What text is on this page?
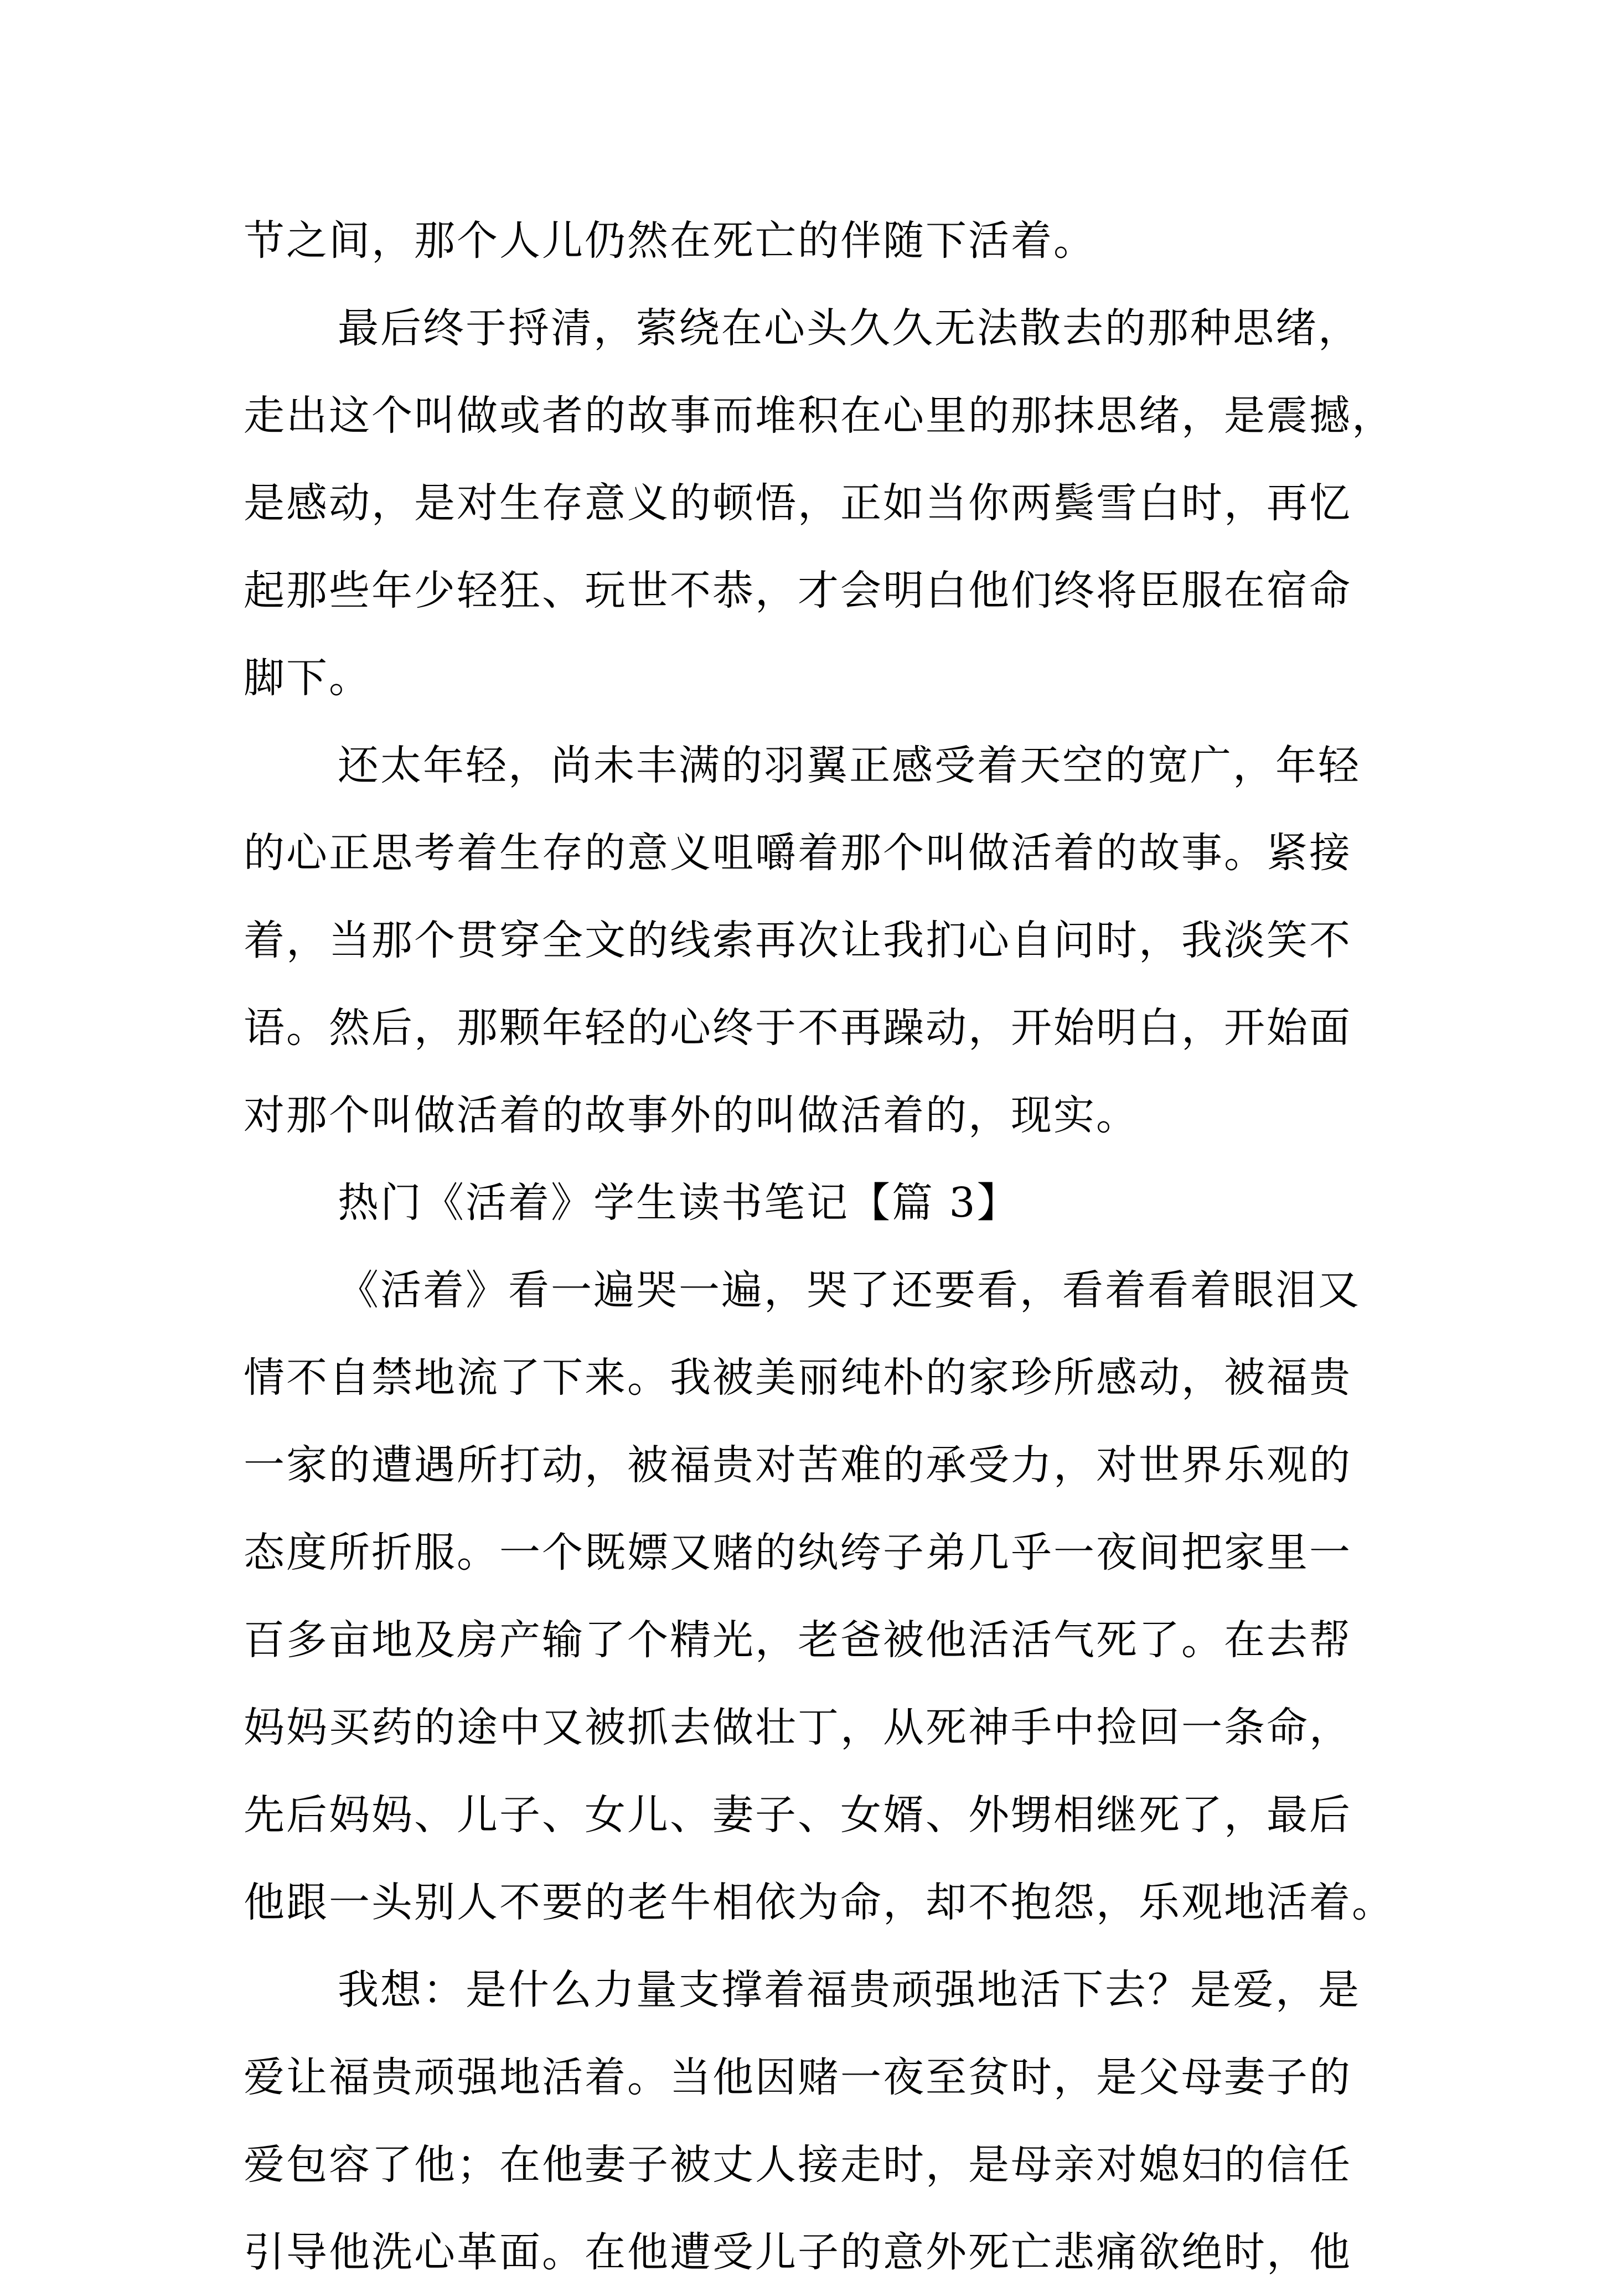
节之间，那个人儿仍然在死亡的伴随下活着。
最后终于捋清，萦绕在心头久久无法散去的那种思绪，
走出这个叫做或者的故事而堆积在心里的那抹思绪，是震撼，
是感动，是对生存意义的顿悟，正如当你两鬓雪白时，再忆
起那些年少轻狂、玩世不恭，才会明白他们终将臣服在宿命
脚下。
还太年轻，尚未丰满的羽翼正感受着天空的宽广，年轻
的心正思考着生存的意义咀嚼着那个叫做活着的故事。紧接
着，当那个贯穿全文的线索再次让我扪心自问时，我淡笑不
语。然后，那颗年轻的心终于不再躁动，开始明白，开始面
对那个叫做活着的故事外的叫做活着的，现实。
热门《活着》学生读书笔记【篇 3】
《活着》看一遍哭一遍，哭了还要看，看着看着眼泪又
情不自禁地流了下来。我被美丽纯朴的家珍所感动，被福贵
一家的遭遇所打动，被福贵对苦难的承受力，对世界乐观的
态度所折服。一个既嫖又赌的纨绔子弟几乎一夜间把家里一
百多亩地及房产输了个精光，老爸被他活活气死了。在去帮
妈妈买药的途中又被抓去做壮丁，从死神手中捡回一条命，
先后妈妈、儿子、女儿、妻子、女婿、外甥相继死了，最后
他跟一头别人不要的老牛相依为命，却不抱怨，乐观地活着。
我想：是什么力量支撑着福贵顽强地活下去？是爱，是
爱让福贵顽强地活着。当他因赌一夜至贫时，是父母妻子的
爱包容了他；在他妻子被丈人接走时，是母亲对媳妇的信任
引导他洗心革面。在他遭受儿子的意外死亡悲痛欲绝时，他
